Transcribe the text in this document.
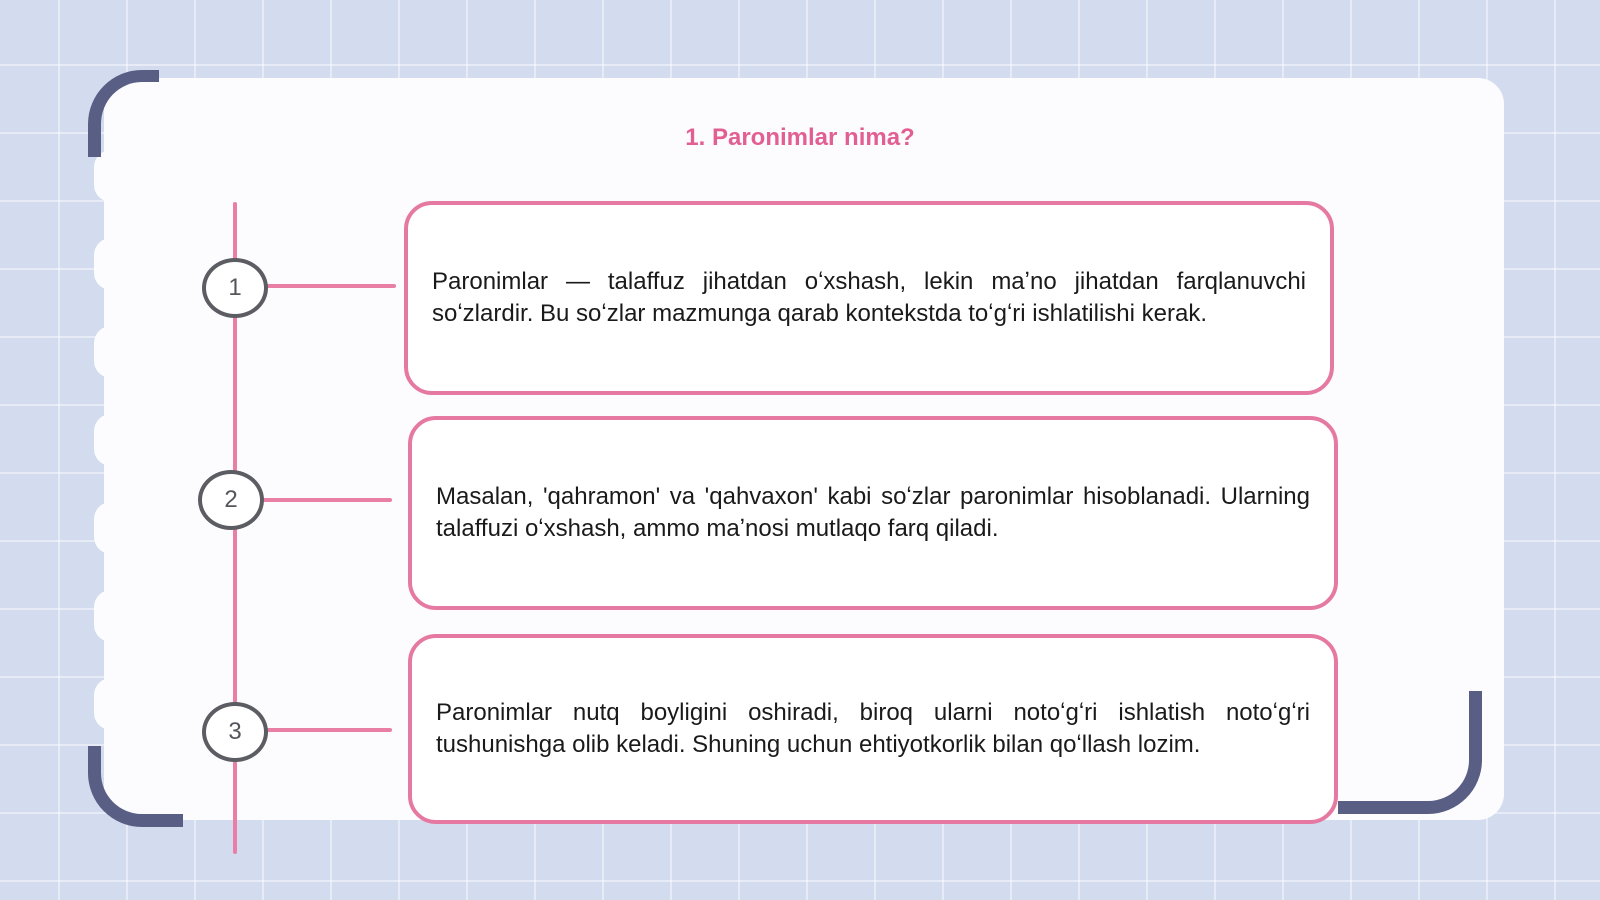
1. Paronimlar nima?
1	Paronimlar — talaffuz jihatdan oʻxshash, lekin maʼno jihatdan farqlanuvchi soʻzlardir. Bu soʻzlar mazmunga qarab kontekstda toʻgʻri ishlatilishi kerak.

2	Masalan, 'qahramon' va 'qahvaxon' kabi soʻzlar paronimlar hisoblanadi. Ularning talaffuzi oʻxshash, ammo maʼnosi mutlaqo farq qiladi.

3

Paronimlar nutq boyligini oshiradi, biroq ularni notoʻgʻri ishlatish notoʻgʻri tushunishga olib keladi. Shuning uchun ehtiyotkorlik bilan qoʻllash lozim.
